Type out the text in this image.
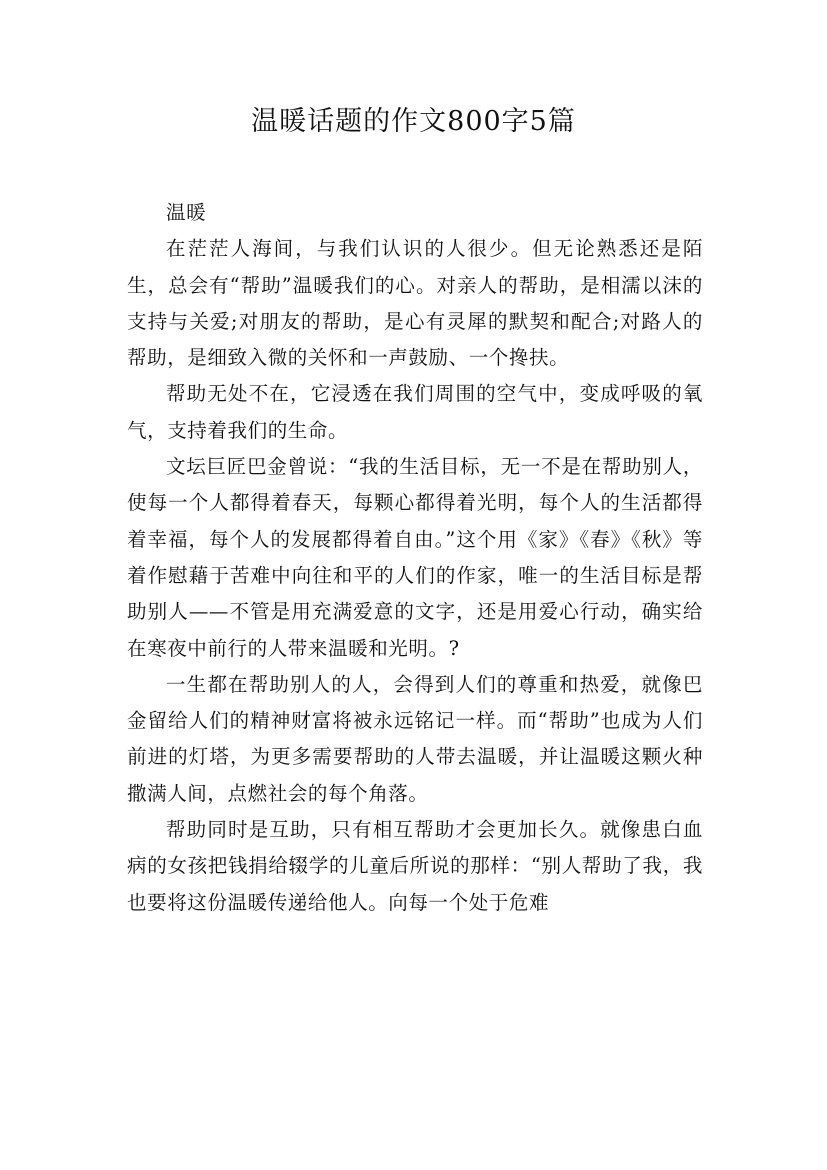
温暖话题的作文800字5篇

温暖

在茫茫人海间，与我们认识的人很少。但无论熟悉还是陌生，总会有“帮助”温暖我们的心。对亲人的帮助，是相濡以沫的支持与关爱;对朋友的帮助，是心有灵犀的默契和配合;对路人的帮助，是细致入微的关怀和一声鼓励、一个搀扶。

帮助无处不在，它浸透在我们周围的空气中，变成呼吸的氧气，支持着我们的生命。

文坛巨匠巴金曾说：“我的生活目标，无一不是在帮助别人，使每一个人都得着春天，每颗心都得着光明，每个人的生活都得着幸福，每个人的发展都得着自由。”这个用《家》《春》《秋》等着作慰藉于苦难中向往和平的人们的作家，唯一的生活目标是帮助别人——不管是用充满爱意的文字，还是用爱心行动，确实给在寒夜中前行的人带来温暖和光明。?

一生都在帮助别人的人，会得到人们的尊重和热爱，就像巴金留给人们的精神财富将被永远铭记一样。而“帮助”也成为人们前进的灯塔，为更多需要帮助的人带去温暖，并让温暖这颗火种撒满人间，点燃社会的每个角落。

帮助同时是互助，只有相互帮助才会更加长久。就像患白血病的女孩把钱捐给辍学的儿童后所说的那样：“别人帮助了我，我也要将这份温暖传递给他人。向每一个处于危难
